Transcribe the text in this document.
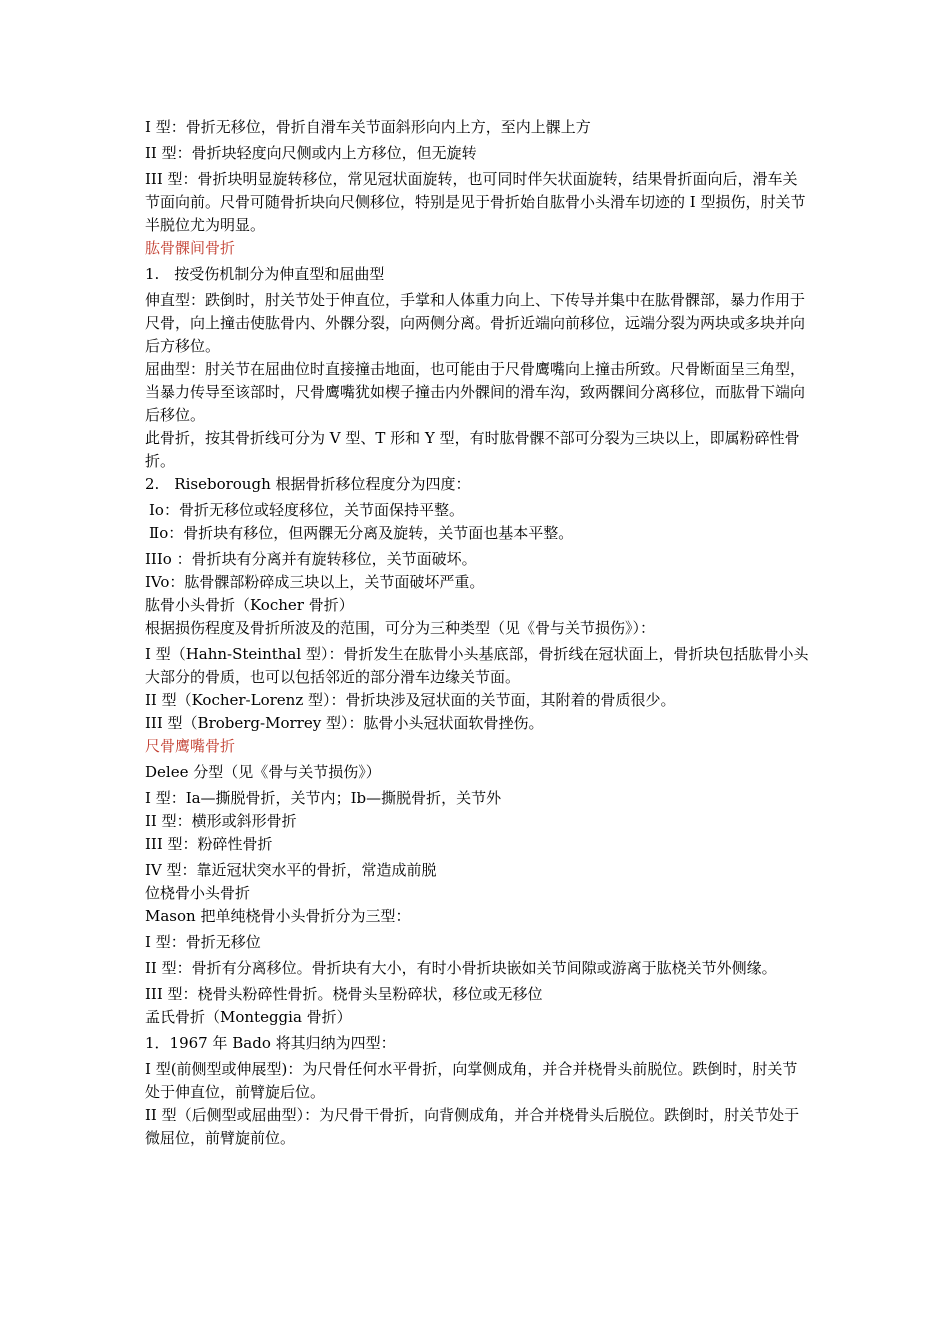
I 型：骨折无移位，骨折自滑车关节面斜形向内上方，至内上髁上方

II 型：骨折块轻度向尺侧或内上方移位，但无旋转

III 型：骨折块明显旋转移位，常见冠状面旋转，也可同时伴矢状面旋转，结果骨折面向后，滑车关节面向前。尺骨可随骨折块向尺侧移位，特别是见于骨折始自肱骨小头滑车切迹的 I 型损伤，肘关节半脱位尤为明显。

肱骨髁间骨折

1.　按受伤机制分为伸直型和屈曲型

伸直型：跌倒时，肘关节处于伸直位，手掌和人体重力向上、下传导并集中在肱骨髁部，暴力作用于尺骨，向上撞击使肱骨内、外髁分裂，向两侧分离。骨折近端向前移位，远端分裂为两块或多块并向后方移位。

屈曲型：肘关节在屈曲位时直接撞击地面，也可能由于尺骨鹰嘴向上撞击所致。尺骨断面呈三角型，当暴力传导至该部时，尺骨鹰嘴犹如楔子撞击内外髁间的滑车沟，致两髁间分离移位，而肱骨下端向后移位。

此骨折，按其骨折线可分为 V 型、T 形和 Y 型，有时肱骨髁不部可分裂为三块以上，即属粉碎性骨折。

2.　Riseborough 根据骨折移位程度分为四度：

Ⅰo：骨折无移位或轻度移位，关节面保持平整。

Ⅱo：骨折块有移位，但两髁无分离及旋转，关节面也基本平整。

IIIo ：骨折块有分离并有旋转移位，关节面破坏。

IVo：肱骨髁部粉碎成三块以上，关节面破坏严重。

肱骨小头骨折（Kocher 骨折）

根据损伤程度及骨折所波及的范围，可分为三种类型（见《骨与关节损伤》）：

I 型（Hahn-Steinthal 型）：骨折发生在肱骨小头基底部，骨折线在冠状面上，骨折块包括肱骨小头大部分的骨质，也可以包括邻近的部分滑车边缘关节面。

II 型（Kocher-Lorenz 型）：骨折块涉及冠状面的关节面，其附着的骨质很少。

III 型（Broberg-Morrey 型）：肱骨小头冠状面软骨挫伤。

尺骨鹰嘴骨折

Delee 分型（见《骨与关节损伤》）

I 型：Ia—撕脱骨折，关节内；Ib—撕脱骨折，关节外

II 型：横形或斜形骨折

III 型：粉碎性骨折

IV 型：靠近冠状突水平的骨折，常造成前脱

位桡骨小头骨折

Mason 把单纯桡骨小头骨折分为三型：

I 型：骨折无移位

II 型：骨折有分离移位。骨折块有大小，有时小骨折块嵌如关节间隙或游离于肱桡关节外侧缘。

III 型：桡骨头粉碎性骨折。桡骨头呈粉碎状，移位或无移位

孟氏骨折（Monteggia 骨折）

1．1967 年 Bado 将其归纳为四型：

I 型(前侧型或伸展型)：为尺骨任何水平骨折，向掌侧成角，并合并桡骨头前脱位。跌倒时，肘关节处于伸直位，前臂旋后位。

II 型（后侧型或屈曲型）：为尺骨干骨折，向背侧成角，并合并桡骨头后脱位。跌倒时，肘关节处于微屈位，前臂旋前位。
